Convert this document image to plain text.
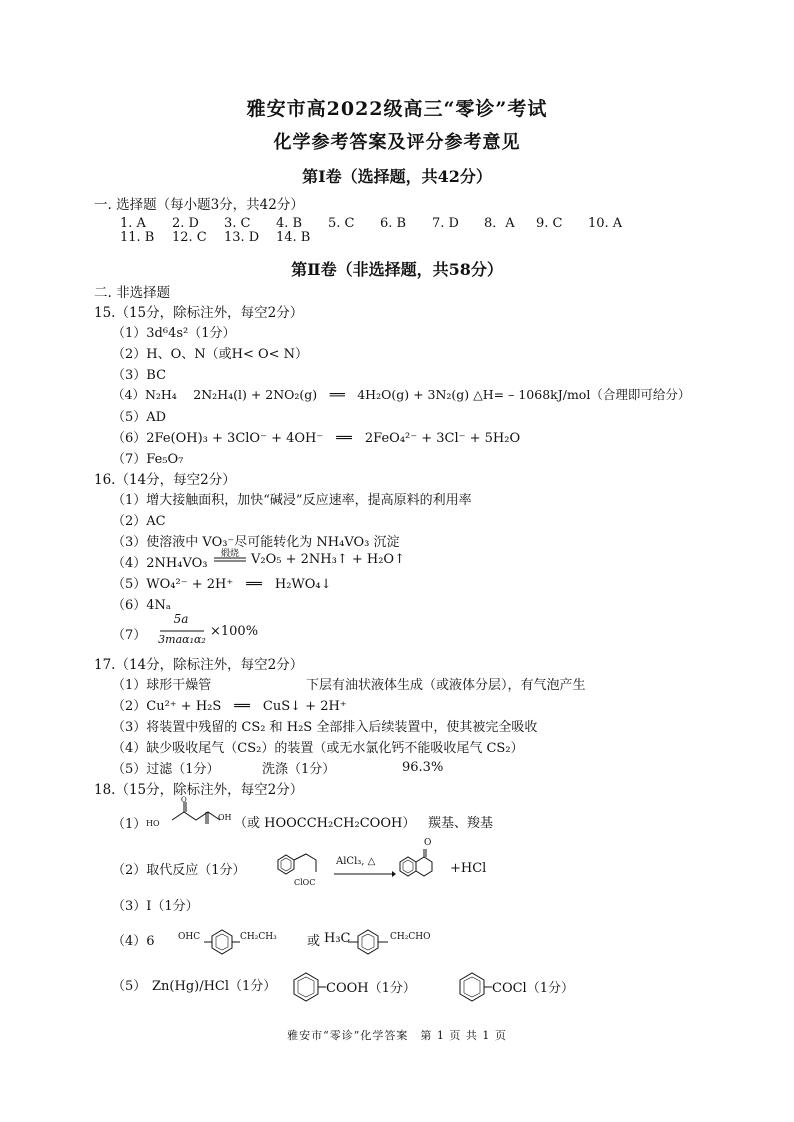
雅安市高2022级高三“零诊”考试
化学参考答案及评分参考意见
第Ⅰ卷（选择题，共42分）
一. 选择题（每小题3分，共42分）
1. A 2. D 3. C 4. B 5. C 6. B 7. D 8．A 9. C 10. A
11. B 12. C 13. D 14. B
第Ⅱ卷（非选择题，共58分）
二. 非选择题
15.（15分，除标注外，每空2分）
（1）3d⁶4s²（1分）
（2）H、O、N（或H< O< N）
（3）BC
（4）N₂H₄　 2N₂H₄(l) + 2NO₂(g)　══　4H₂O(g) + 3N₂(g) △H= – 1068kJ/mol（合理即可给分）
（5）AD
（6）2Fe(OH)₃ + 3ClO⁻ + 4OH⁻　══　2FeO₄²⁻ + 3Cl⁻ + 5H₂O
（7）Fe₅O₇
16.（14分，每空2分）
（1）增大接触面积，加快“碱浸”反应速率，提高原料的利用率
（2）AC
（3）使溶液中 VO₃⁻尽可能转化为 NH₄VO₃ 沉淀
（4）2NH₄VO₃
煅烧 V₂O₅ + 2NH₃↑ + H₂O↑
（5）WO₄²⁻ + 2H⁺　══　H₂WO₄↓
（6）4Nₐ
（7）
5a
3maα₁α₂
×100%
17.（14分，除标注外，每空2分）
（1）球形干燥管	下层有油状液体生成（或液体分层），有气泡产生
（2）Cu²⁺ + H₂S　══　CuS↓ + 2H⁺
（3）将装置中残留的 CS₂ 和 H₂S 全部排入后续装置中，使其被完全吸收
（4）缺少吸收尾气（CS₂）的装置（或无水氯化钙不能吸收尾气 CS₂）
（5）过滤（1分）	洗涤（1分）	96.3%
18.（15分，除标注外，每空2分）
（1） HO
OH
O
（或 HOOCCH₂CH₂COOH） 羰基、羧基
（2）取代反应（1分）
ClOC
AlCl₃, △
O
+HCl
（3）Ⅰ（1分）
（4）6	OHC	CH₂CH₃ 或 H₃C	CH₂CHO
（5） Zn(Hg)/HCl（1分）	COOH（1分）	COCl（1分）
雅安市“零诊”化学答案　第 1 页 共 1 页
